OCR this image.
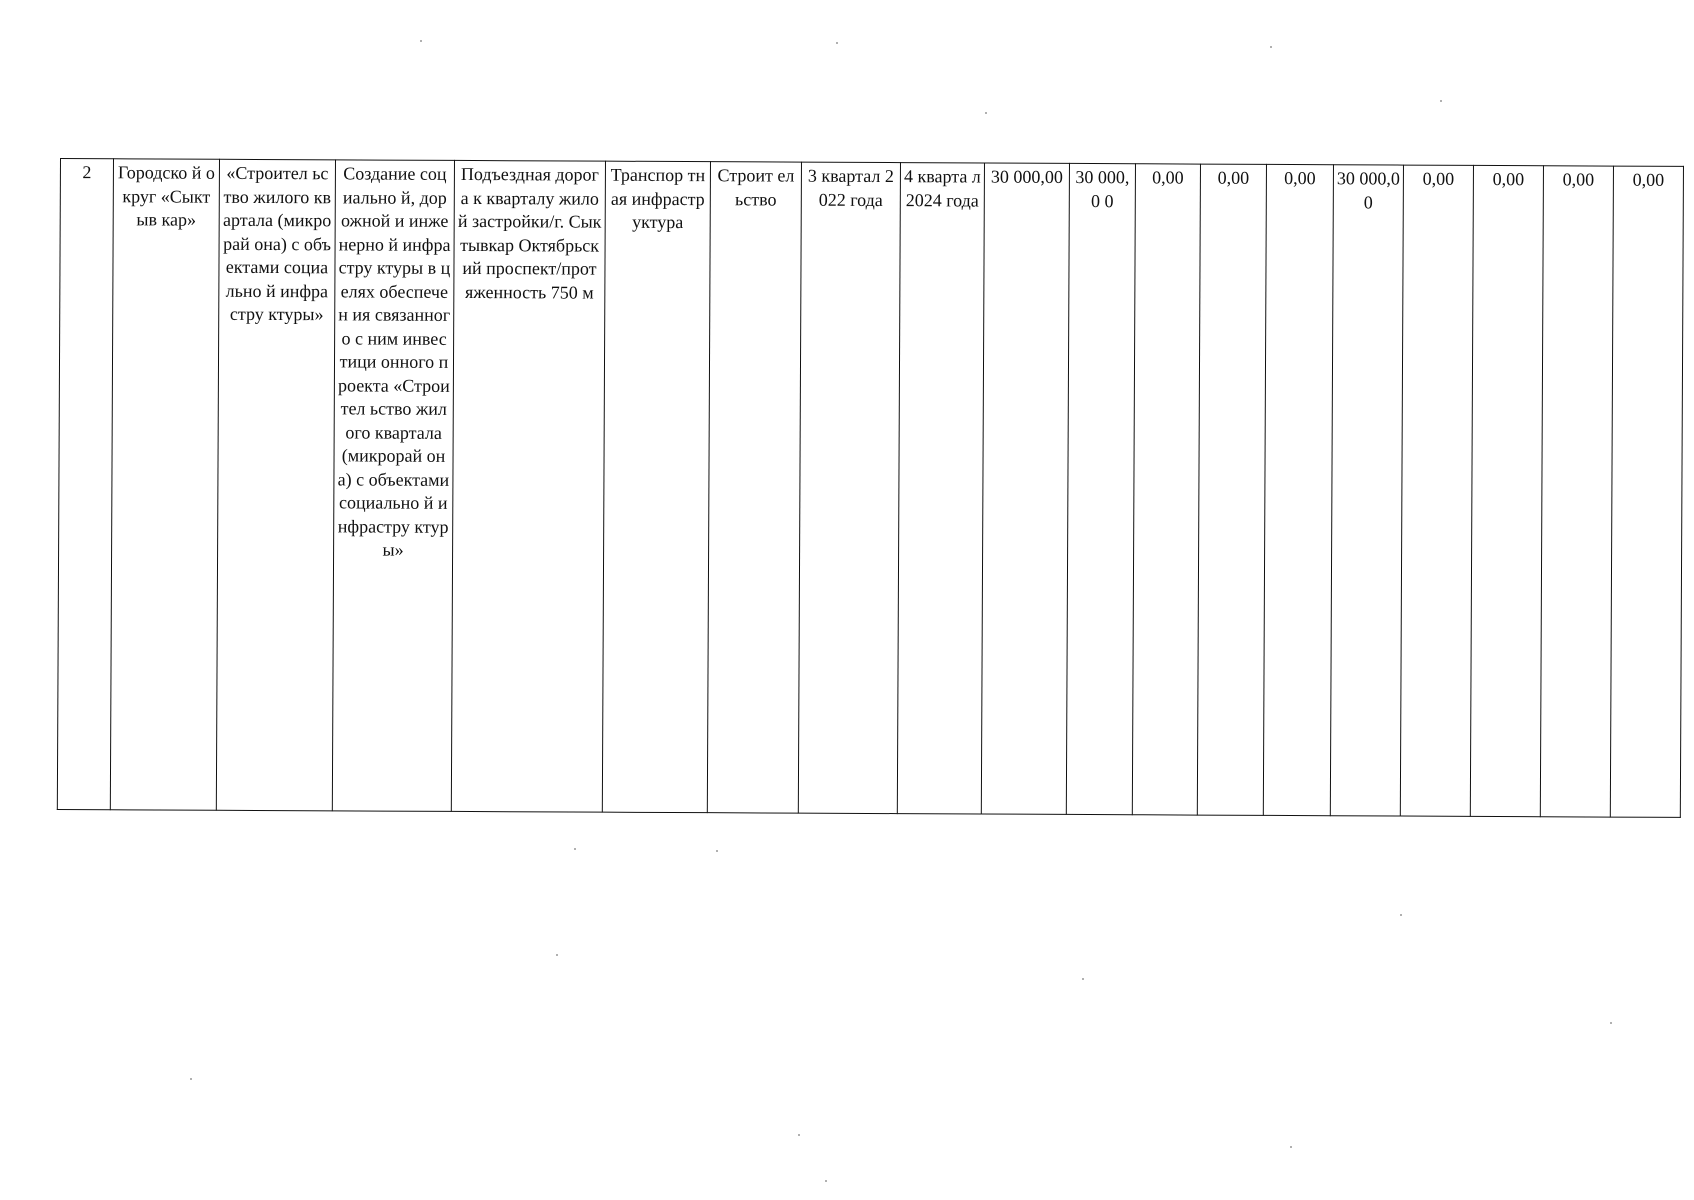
2	Городско й округ «Сыктыв кар»	«Строител ьство жилого квартала (микрорай она) с объектами социально й инфрастру ктуры»	Создание социально й, дорожной и инженерно й инфрастру ктуры в целях обеспечен ия связанного с ним инвестици онного проекта «Строител ьство жилого квартала (микрорай она) с объектами социально й инфрастру ктуры»	Подъездная дорога к кварталу жилой застройки/г. Сыктывкар Октябрьский проспект/прот яженность 750 м	Транспор тная инфрастр уктура	Строит ельство	3 квартал 2022 года	4 кварта л 2024 года	30 000,00	30 000,0 0	0,00	0,00	0,00	30 000,0 0	0,00	0,00	0,00	0,00
